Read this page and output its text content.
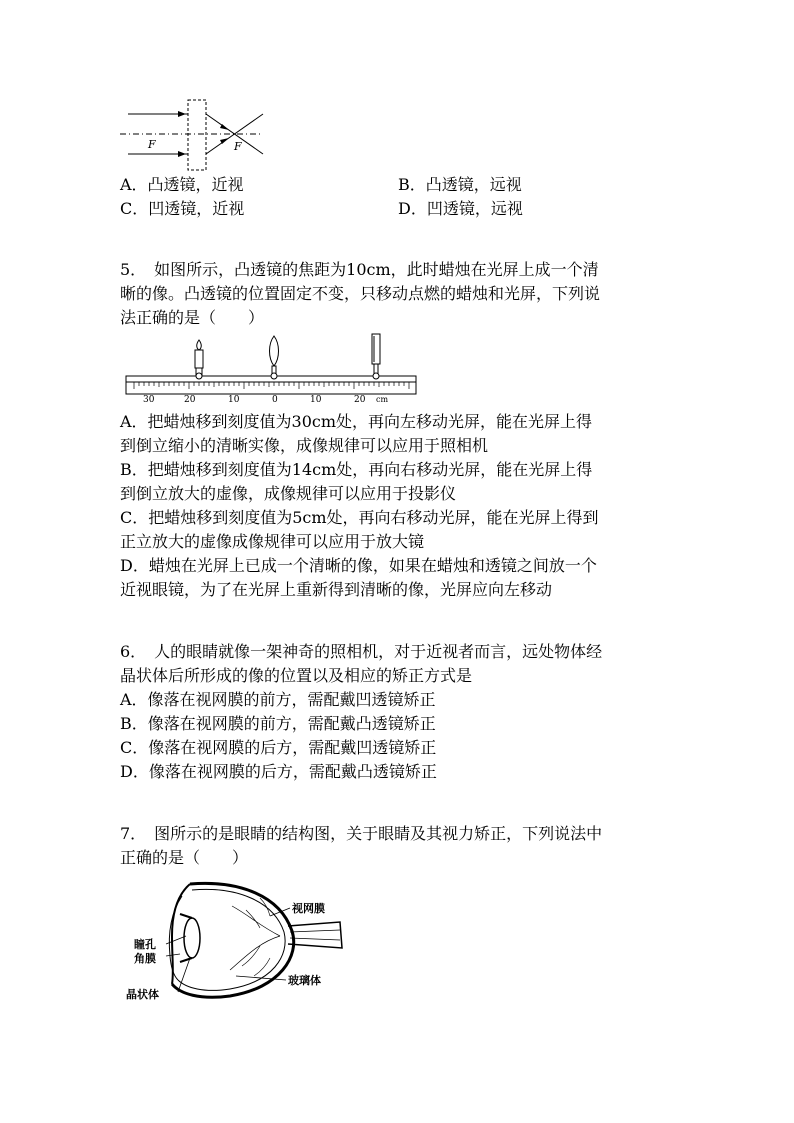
F	F
A．凸透镜，近视	B．凸透镜，远视
C．凹透镜，近视	D．凹透镜，远视
5．　如图所示，凸透镜的焦距为10cm，此时蜡烛在光屏上成一个清
晰的像。凸透镜的位置固定不变，只移动点燃的蜡烛和光屏，下列说
法正确的是（　　）
30	20	10	0	10	20 cm
A．把蜡烛移到刻度值为30cm处，再向左移动光屏，能在光屏上得
到倒立缩小的清晰实像，成像规律可以应用于照相机
B．把蜡烛移到刻度值为14cm处，再向右移动光屏，能在光屏上得
到倒立放大的虚像，成像规律可以应用于投影仪
C．把蜡烛移到刻度值为5cm处，再向右移动光屏，能在光屏上得到
正立放大的虚像成像规律可以应用于放大镜
D．蜡烛在光屏上已成一个清晰的像，如果在蜡烛和透镜之间放一个
近视眼镜，为了在光屏上重新得到清晰的像，光屏应向左移动
6．　人的眼睛就像一架神奇的照相机，对于近视者而言，远处物体经
晶状体后所形成的像的位置以及相应的矫正方式是
A．像落在视网膜的前方，需配戴凹透镜矫正
B．像落在视网膜的前方，需配戴凸透镜矫正
C．像落在视网膜的后方，需配戴凹透镜矫正
D．像落在视网膜的后方，需配戴凸透镜矫正
7．　图所示的是眼睛的结构图，关于眼睛及其视力矫正，下列说法中
正确的是（　　）
视网膜
瞳孔
角膜
晶状体
玻璃体
